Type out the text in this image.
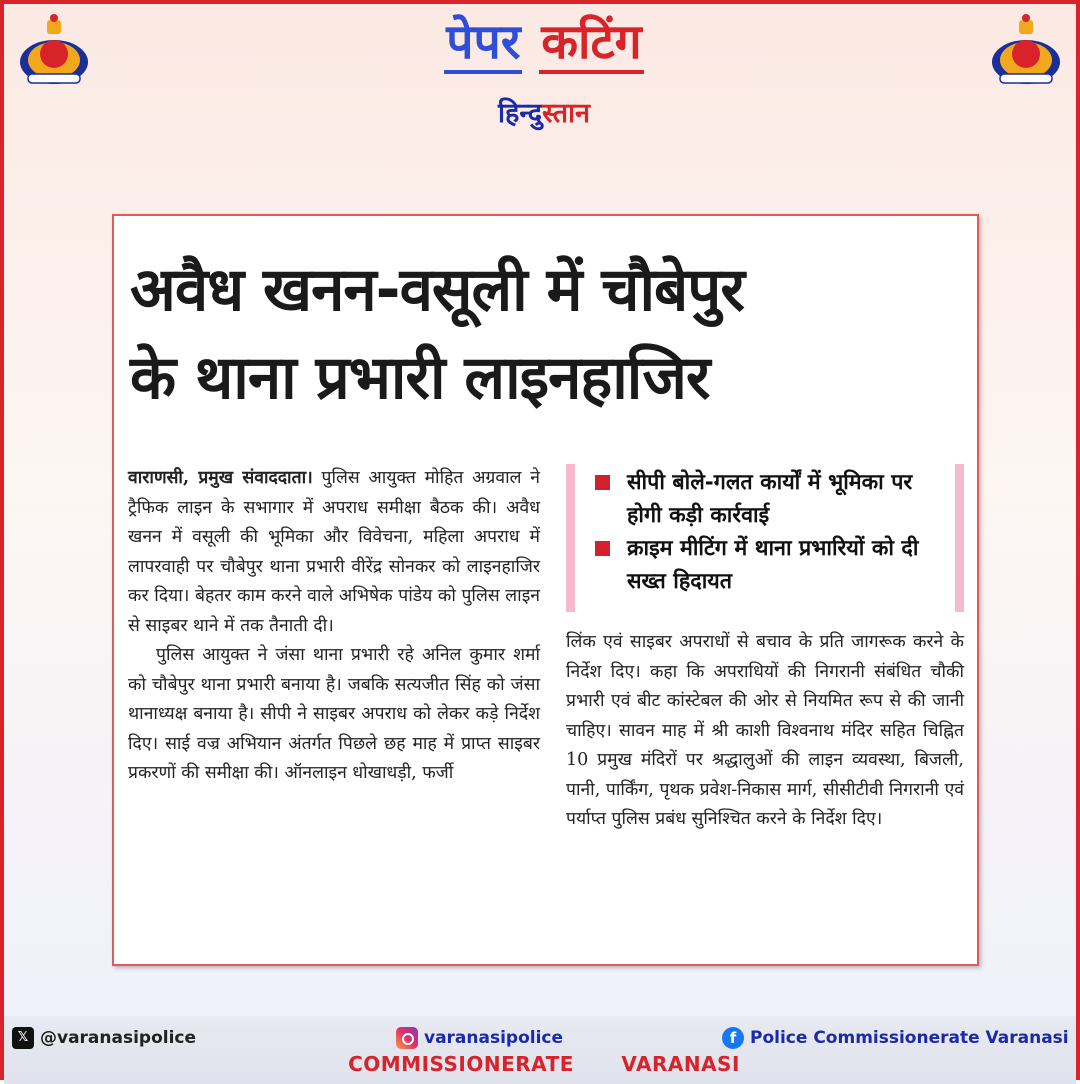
पेपर कटिंग
हिन्दुस्तान
अवैध खनन-वसूली में चौबेपुर
के थाना प्रभारी लाइनहाजिर

वाराणसी, प्रमुख संवाददाता। पुलिस आयुक्त मोहित अग्रवाल ने ट्रैफिक लाइन के सभागार में अपराध समीक्षा बैठक की। अवैध खनन में वसूली की भूमिका और विवेचना, महिला अपराध में लापरवाही पर चौबेपुर थाना प्रभारी वीरेंद्र सोनकर को लाइनहाजिर कर दिया। बेहतर काम करने वाले अभिषेक पांडेय को पुलिस लाइन से साइबर थाने में तक तैनाती दी।

पुलिस आयुक्त ने जंसा थाना प्रभारी रहे अनिल कुमार शर्मा को चौबेपुर थाना प्रभारी बनाया है। जबकि सत्यजीत सिंह को जंसा थानाध्यक्ष बनाया है। सीपी ने साइबर अपराध को लेकर कड़े निर्देश दिए। साई वज्र अभियान अंतर्गत पिछले छह माह में प्राप्त साइबर प्रकरणों की समीक्षा की। ऑनलाइन धोखाधड़ी, फर्जी

सीपी बोले-गलत कार्यों में भूमिका पर होगी कड़ी कार्रवाई
क्राइम मीटिंग में थाना प्रभारियों को दी सख्त हिदायत

लिंक एवं साइबर अपराधों से बचाव के प्रति जागरूक करने के निर्देश दिए। कहा कि अपराधियों की निगरानी संबंधित चौकी प्रभारी एवं बीट कांस्टेबल की ओर से नियमित रूप से की जानी चाहिए। सावन माह में श्री काशी विश्वनाथ मंदिर सहित चिह्नित 10 प्रमुख मंदिरों पर श्रद्धालुओं की लाइन व्यवस्था, बिजली, पानी, पार्किंग, पृथक प्रवेश-निकास मार्ग, सीसीटीवी निगरानी एवं पर्याप्त पुलिस प्रबंध सुनिश्चित करने के निर्देश दिए।

𝕏 @varanasipolice	varanasipolice	f Police Commissionerate Varanasi
COMMISSIONERATE VARANASI
